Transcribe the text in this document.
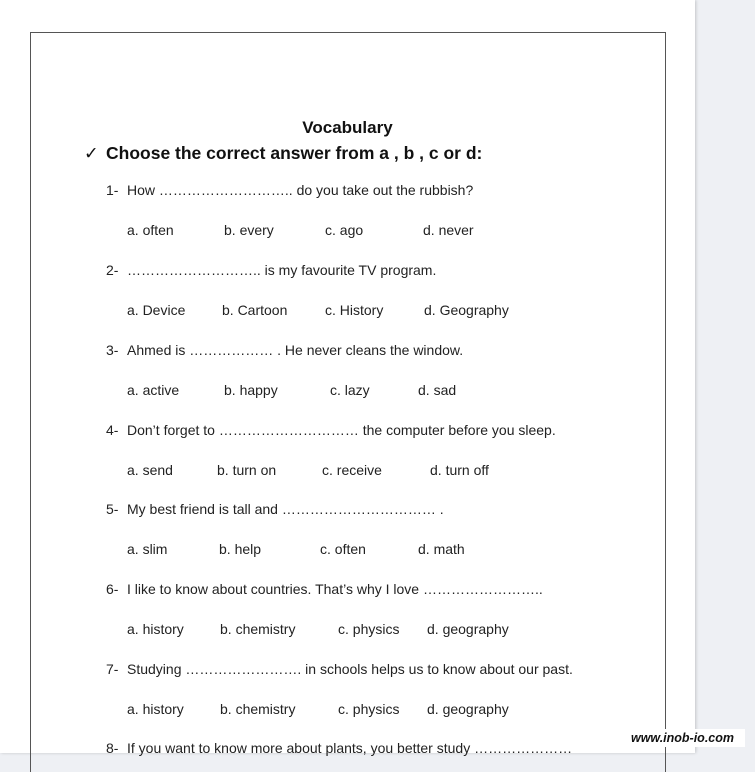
Vocabulary
✓ Choose the correct answer from a , b , c or d:
1- How ……………………….. do you take out the rubbish?
a. often	b. every	c. ago	d. never
2- ……………………….. is my favourite TV program.
a. Device	b. Cartoon	c. History	d. Geography
3- Ahmed is ……………… . He never cleans the window.
a. active	b. happy	c. lazy	d. sad
4- Don’t forget to ………………………… the computer before you sleep.
a. send	b. turn on	c. receive	d. turn off
5- My best friend is tall and …………………………… .
a. slim	b. help	c. often	d. math
6- I like to know about countries. That’s why I love ……………………..
a. history	b. chemistry	c. physics d. geography
7- Studying ……………………. in schools helps us to know about our past.
a. history	b. chemistry	c. physics d. geography
8- If you want to know more about plants, you better study …………………
www.inob-io.com
